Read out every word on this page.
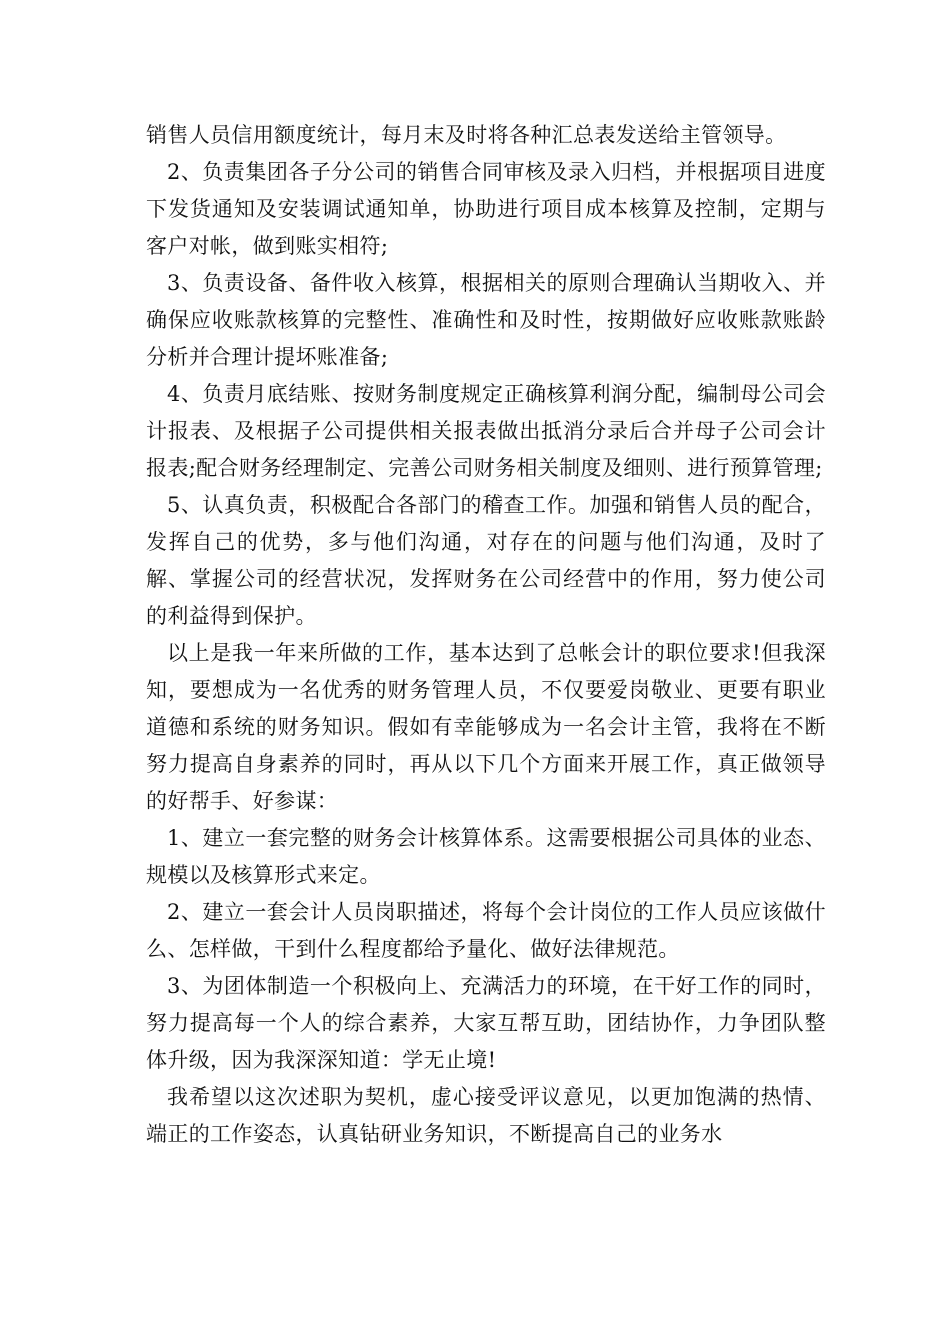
销售人员信用额度统计，每月末及时将各种汇总表发送给主管领导。

2、负责集团各子分公司的销售合同审核及录入归档，并根据项目进度下发货通知及安装调试通知单，协助进行项目成本核算及控制，定期与客户对帐，做到账实相符;

3、负责设备、备件收入核算，根据相关的原则合理确认当期收入、并确保应收账款核算的完整性、准确性和及时性，按期做好应收账款账龄分析并合理计提坏账准备;

4、负责月底结账、按财务制度规定正确核算利润分配，编制母公司会计报表、及根据子公司提供相关报表做出抵消分录后合并母子公司会计报表;配合财务经理制定、完善公司财务相关制度及细则、进行预算管理;

5、认真负责，积极配合各部门的稽查工作。加强和销售人员的配合，发挥自己的优势，多与他们沟通，对存在的问题与他们沟通，及时了解、掌握公司的经营状况，发挥财务在公司经营中的作用，努力使公司的利益得到保护。

以上是我一年来所做的工作，基本达到了总帐会计的职位要求!但我深知，要想成为一名优秀的财务管理人员，不仅要爱岗敬业、更要有职业道德和系统的财务知识。假如有幸能够成为一名会计主管，我将在不断努力提高自身素养的同时，再从以下几个方面来开展工作，真正做领导的好帮手、好参谋：

1、建立一套完整的财务会计核算体系。这需要根据公司具体的业态、规模以及核算形式来定。

2、建立一套会计人员岗职描述，将每个会计岗位的工作人员应该做什么、怎样做，干到什么程度都给予量化、做好法律规范。

3、为团体制造一个积极向上、充满活力的环境，在干好工作的同时，努力提高每一个人的综合素养，大家互帮互助，团结协作，力争团队整体升级，因为我深深知道：学无止境!

我希望以这次述职为契机，虚心接受评议意见，以更加饱满的热情、端正的工作姿态，认真钻研业务知识，不断提高自己的业务水
